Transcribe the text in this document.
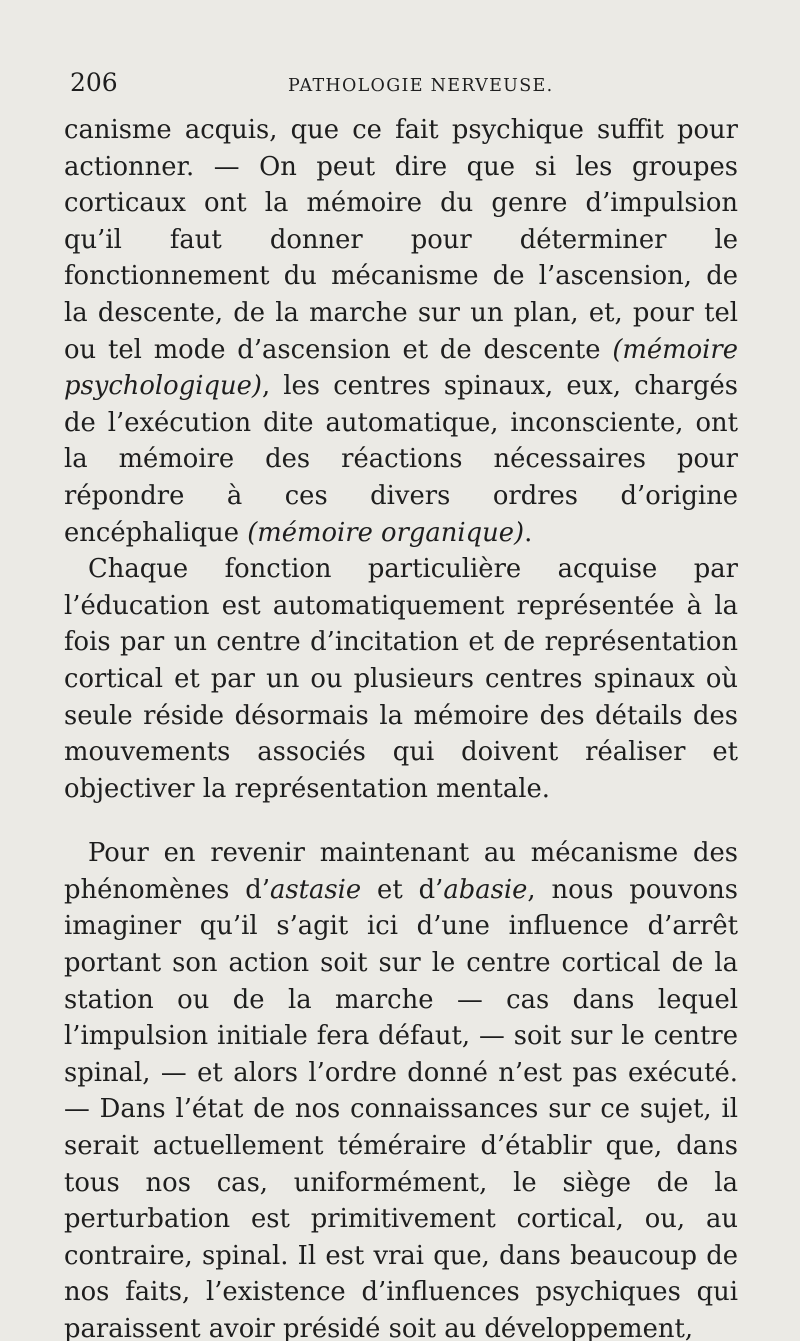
206	PATHOLOGIE NERVEUSE.

canisme acquis, que ce fait psychique suffit pour actionner. — On peut dire que si les groupes corticaux ont la mémoire du genre d’impulsion qu’il faut donner pour déterminer le fonctionnement du mécanisme de l’ascension, de la descente, de la marche sur un plan, et, pour tel ou tel mode d’ascension et de descente (mémoire psychologique), les centres spinaux, eux, chargés de l’exécution dite automatique, inconsciente, ont la mémoire des réactions nécessaires pour répondre à ces divers ordres d’origine encéphalique (mémoire organique).

Chaque fonction particulière acquise par l’éducation est automatiquement représentée à la fois par un centre d’incitation et de représentation cortical et par un ou plusieurs centres spinaux où seule réside désormais la mémoire des détails des mouvements associés qui doivent réaliser et objectiver la représentation mentale.

Pour en revenir maintenant au mécanisme des phénomènes d’astasie et d’abasie, nous pouvons imaginer qu’il s’agit ici d’une influence d’arrêt portant son action soit sur le centre cortical de la station ou de la marche — cas dans lequel l’impulsion initiale fera défaut, — soit sur le centre spinal, — et alors l’ordre donné n’est pas exécuté. — Dans l’état de nos connaissances sur ce sujet, il serait actuellement téméraire d’établir que, dans tous nos cas, uniformément, le siège de la perturbation est primitivement cortical, ou, au contraire, spinal. Il est vrai que, dans beaucoup de nos faits, l’existence d’influences psychiques qui paraissent avoir présidé soit au développement,
